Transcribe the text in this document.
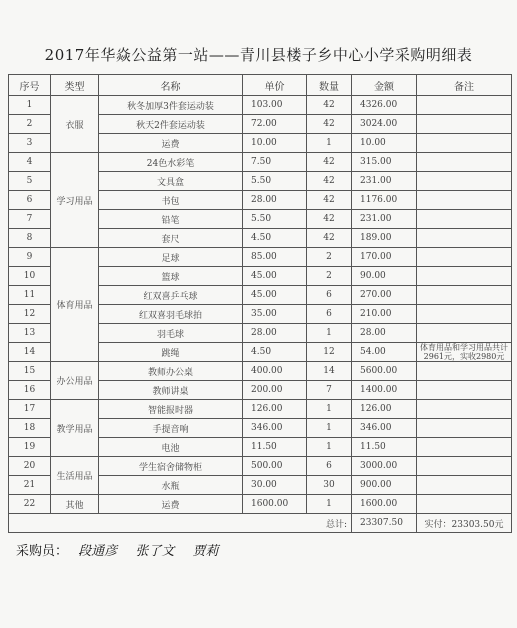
2017年华焱公益第一站——青川县楼子乡中心小学采购明细表
序号	类型	名称	单价	数量	金额	备注
1	衣服	秋冬加厚3件套运动装	103.00	42	4326.00	
2		秋天2件套运动装	72.00	42	3024.00	
3		运费	10.00	1	10.00	
4	学习用品	24色水彩笔	7.50	42	315.00	
5		文具盒	5.50	42	231.00	
6		书包	28.00	42	1176.00	
7		铅笔	5.50	42	231.00	
8		套尺	4.50	42	189.00	
9	体育用品	足球	85.00	2	170.00	
10		篮球	45.00	2	90.00	
11		红双喜乒乓球	45.00	6	270.00	
12		红双喜羽毛球拍	35.00	6	210.00	
13		羽毛球	28.00	1	28.00	
14		跳绳	4.50	12	54.00	体育用品和学习用品共计2961元，实收2980元
15	办公用品	教师办公桌	400.00	14	5600.00	
16		教师讲桌	200.00	7	1400.00	
17	教学用品	智能报时器	126.00	1	126.00	
18		手提音响	346.00	1	346.00	
19		电池	11.50	1	11.50	
20	生活用品	学生宿舍储物柜	500.00	6	3000.00	
21		水瓶	30.00	30	900.00	
22	其他	运费	1600.00	1	1600.00	
总计:					23307.50	实付：23303.50元
采购员： 段通彦 张了文 贾莉
